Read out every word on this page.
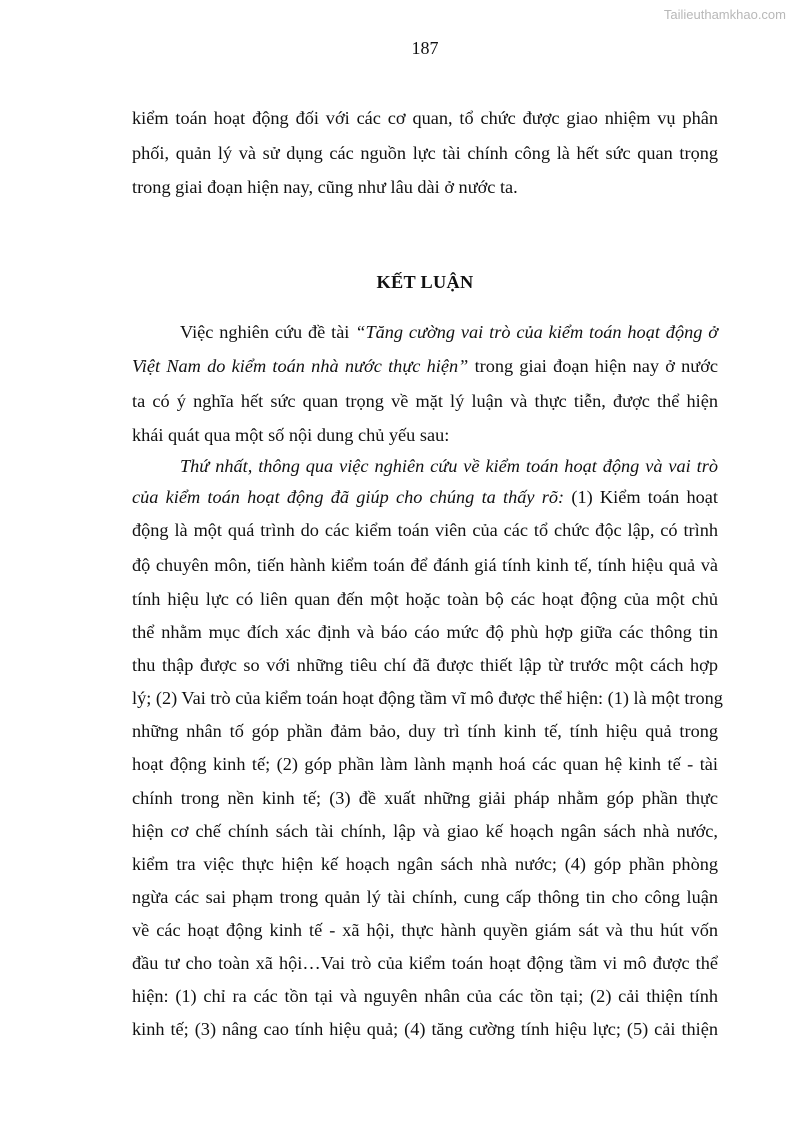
Tailieuthamkhao.com
187
kiểm toán hoạt động đối với các cơ quan, tổ chức được giao nhiệm vụ phân
phối, quản lý và sử dụng các nguồn lực tài chính công là hết sức quan trọng
trong giai đoạn hiện nay, cũng như lâu dài ở nước ta.
KẾT LUẬN
Việc nghiên cứu đề tài “Tăng cường vai trò của kiểm toán hoạt động ở
Việt Nam do kiểm toán nhà nước thực hiện” trong giai đoạn hiện nay ở nước
ta có ý nghĩa hết sức quan trọng về mặt lý luận và thực tiễn, được thể hiện
khái quát qua một số nội dung chủ yếu sau:
Thứ nhất, thông qua việc nghiên cứu về kiểm toán hoạt động và vai trò
của kiểm toán hoạt động đã giúp cho chúng ta thấy rõ: (1) Kiểm toán hoạt
động là một quá trình do các kiểm toán viên của các tổ chức độc lập, có trình
độ chuyên môn, tiến hành kiểm toán để đánh giá tính kinh tế, tính hiệu quả và
tính hiệu lực có liên quan đến một hoặc toàn bộ các hoạt động của một chủ
thể nhằm mục đích xác định và báo cáo mức độ phù hợp giữa các thông tin
thu thập được so với những tiêu chí đã được thiết lập từ trước một cách hợp
lý; (2) Vai trò của kiểm toán hoạt động tầm vĩ mô được thể hiện: (1) là một trong
những nhân tố góp phần đảm bảo, duy trì tính kinh tế, tính hiệu quả trong
hoạt động kinh tế; (2) góp phần làm lành mạnh hoá các quan hệ kinh tế - tài
chính trong nền kinh tế; (3) đề xuất những giải pháp nhằm góp phần thực
hiện cơ chế chính sách tài chính, lập và giao kế hoạch ngân sách nhà nước,
kiểm tra việc thực hiện kế hoạch ngân sách nhà nước; (4) góp phần phòng
ngừa các sai phạm trong quản lý tài chính, cung cấp thông tin cho công luận
về các hoạt động kinh tế - xã hội, thực hành quyền giám sát và thu hút vốn
đầu tư cho toàn xã hội…Vai trò của kiểm toán hoạt động tầm vi mô được thể
hiện: (1) chỉ ra các tồn tại và nguyên nhân của các tồn tại; (2) cải thiện tính
kinh tế; (3) nâng cao tính hiệu quả; (4) tăng cường tính hiệu lực; (5) cải thiện
